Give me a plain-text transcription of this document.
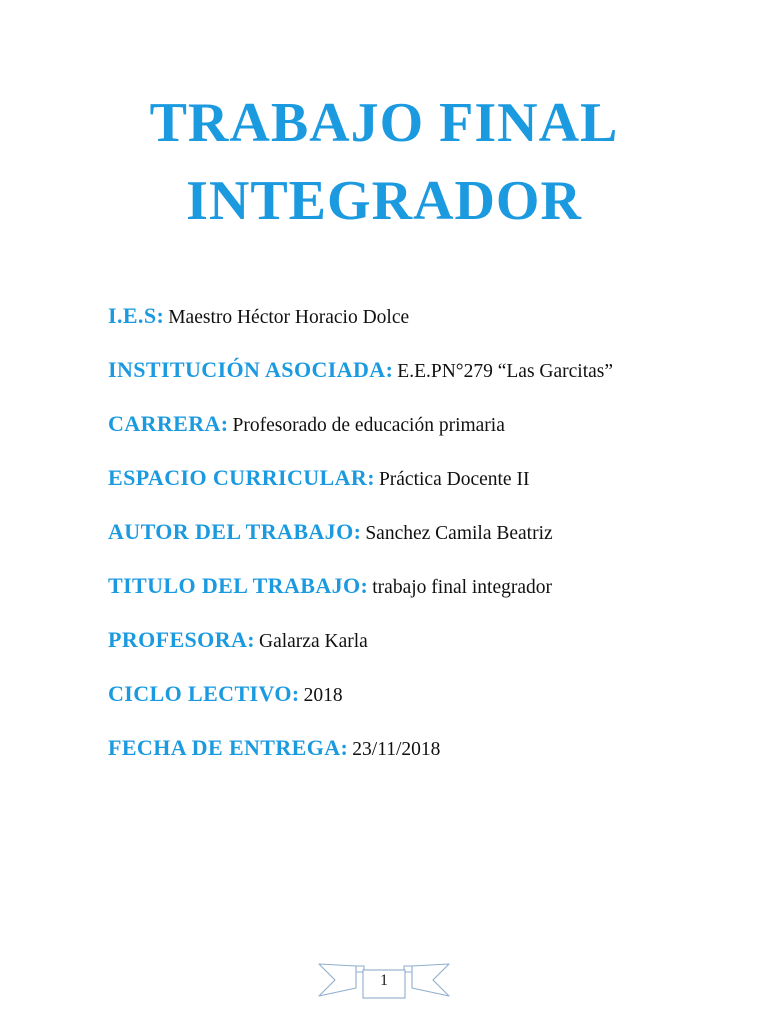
TRABAJO FINAL
INTEGRADOR

I.E.S: Maestro Héctor Horacio Dolce

INSTITUCIÓN ASOCIADA: E.E.PN°279 “Las Garcitas”

CARRERA: Profesorado de educación primaria

ESPACIO CURRICULAR: Práctica Docente II

AUTOR DEL TRABAJO: Sanchez Camila Beatriz

TITULO DEL TRABAJO: trabajo final integrador

PROFESORA: Galarza Karla

CICLO LECTIVO: 2018

FECHA DE ENTREGA: 23/11/2018

1
